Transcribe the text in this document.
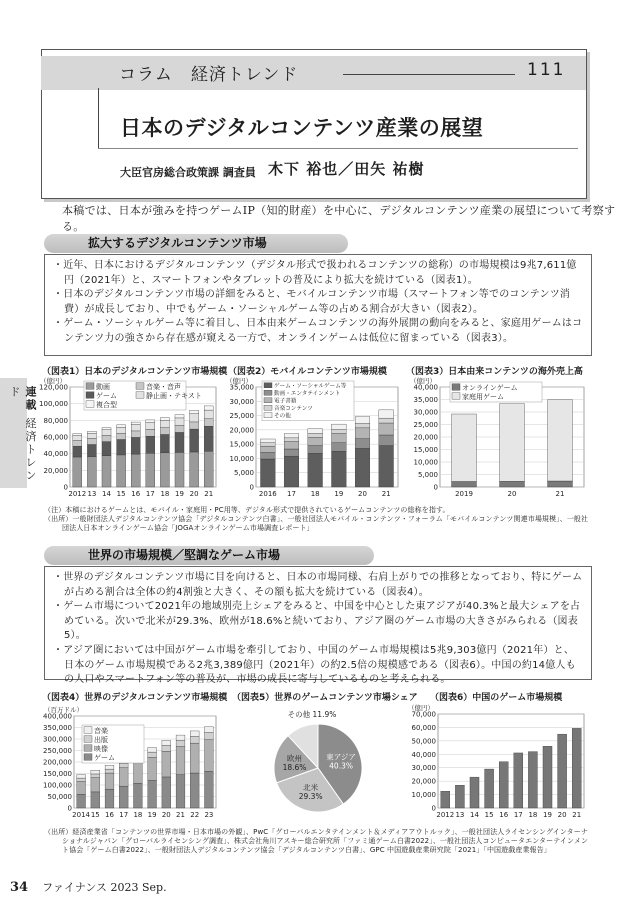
連載 経済トレンド
コラム　 経済トレンド	111
日本のデジタルコンテンツ産業の展望
大臣官房総合政策課 調査員 木下 裕也／田矢 祐樹
本稿では、日本が強みを持つゲームIP（知的財産）を中心に、デジタルコンテンツ産業の展望について考察する。
拡大するデジタルコンテンツ市場
・ 近年、日本におけるデジタルコンテンツ（デジタル形式で扱われるコンテンツの総称）の市場規模は9兆7,611億円（2021年）と、スマートフォンやタブレットの普及により拡大を続けている（図表1）。
・ 日本のデジタルコンテンツ市場の詳細をみると、モバイルコンテンツ市場（スマートフォン等でのコンテンツ消費）が成長しており、中でもゲーム・ソーシャルゲーム等の占める割合が大きい（図表2）。
・ ゲーム・ソーシャルゲーム等に着目し、日本由来ゲームコンテンツの海外展開の動向をみると、家庭用ゲームはコンテンツ力の強さから存在感が窺える一方で、オンラインゲームは低位に留まっている（図表3）。
（図表1）日本のデジタルコンテンツ市場規模 （図表2）モバイルコンテンツ市場規模 （図表3）日本由来コンテンツの海外売上高
0
20,000
40,000
60,000
80,000
100,000
120,000
（億円）
2012 13 14 15 16 17 18 19 20 21
動画	音楽・音声
ゲーム	静止画・テキスト
複合型
0
5,000
10,000
15,000
20,000
25,000
30,000
35,000
（億円）
2016 17 18 19 20 21
ゲーム・ソーシャルゲーム等
動画・エンタテインメント
電子書籍
音楽コンテンツ
その他
0
5,000
10,000
15,000
20,000
25,000
30,000
35,000
40,000
（億円）
2019	20	21
オンラインゲーム
家庭用ゲーム
（注）本稿におけるゲームとは、モバイル・家庭用・PC用等、デジタル形式で提供されているゲームコンテンツの総称を指す。
（出所）一般財団法人デジタルコンテンツ協会「デジタルコンテンツ白書」、一般社団法人モバイル・コンテンツ・フォーラム「モバイルコンテンツ関連市場規模」、一般社団法人日本オンラインゲーム協会「JOGAオンラインゲーム市場調査レポート」
世界の市場規模／堅調なゲーム市場
・ 世界のデジタルコンテンツ市場に目を向けると、日本の市場同様、右肩上がりでの推移となっており、特にゲームが占める割合は全体の約4割強と大きく、その額も拡大を続けている（図表4）。
・ ゲーム市場について2021年の地域別売上シェアをみると、中国を中心とした東アジアが40.3%と最大シェアを占めている。次いで北米が29.3%、欧州が18.6%と続いており、アジア圏のゲーム市場の大きさがみられる（図表5）。
・ アジア圏においては中国がゲーム市場を牽引しており、中国のゲーム市場規模は5兆9,303億円（2021年）と、日本のゲーム市場規模である2兆3,389億円（2021年）の約2.5倍の規模感である（図表6）。中国の約14億人もの人口やスマートフォン等の普及が、市場の成長に寄与しているものと考えられる。
（図表4）世界のデジタルコンテンツ市場規模 （図表5）世界のゲームコンテンツ市場シェア （図表6）中国のゲーム市場規模
0
50,000
100,000
150,000
200,000
250,000
300,000
350,000
400,000
（百万ドル）
2014 15 16 17 18 19 20 21 22 23
音楽
出版
映像
ゲーム	東アジア
40.3%
北米
29.3%
欧州
18.6%
その他 11.9%
0
10,000
20,000
30,000
40,000
50,000
60,000
70,000
（億円）
2012 13 14 15 16 17 18 19 20 21
（出所）経済産業省「コンテンツの世界市場・日本市場の外観」、PwC「グローバルエンタテインメント＆メディアアウトルック」、一般社団法人ライセンシングインターナショナルジャパン「グローバルライセンシング調査」、株式会社角川アスキー総合研究所「ファミ通ゲーム白書2022」、一般社団法人コンピュータエンターテインメント協会「ゲーム白書2022」、一般財団法人デジタルコンテンツ協会「デジタルコンテンツ白書」、GPC 中国遊戯産業研究院「2021」「中国遊戯産業報告」
34 ファイナンス 2023 Sep.
